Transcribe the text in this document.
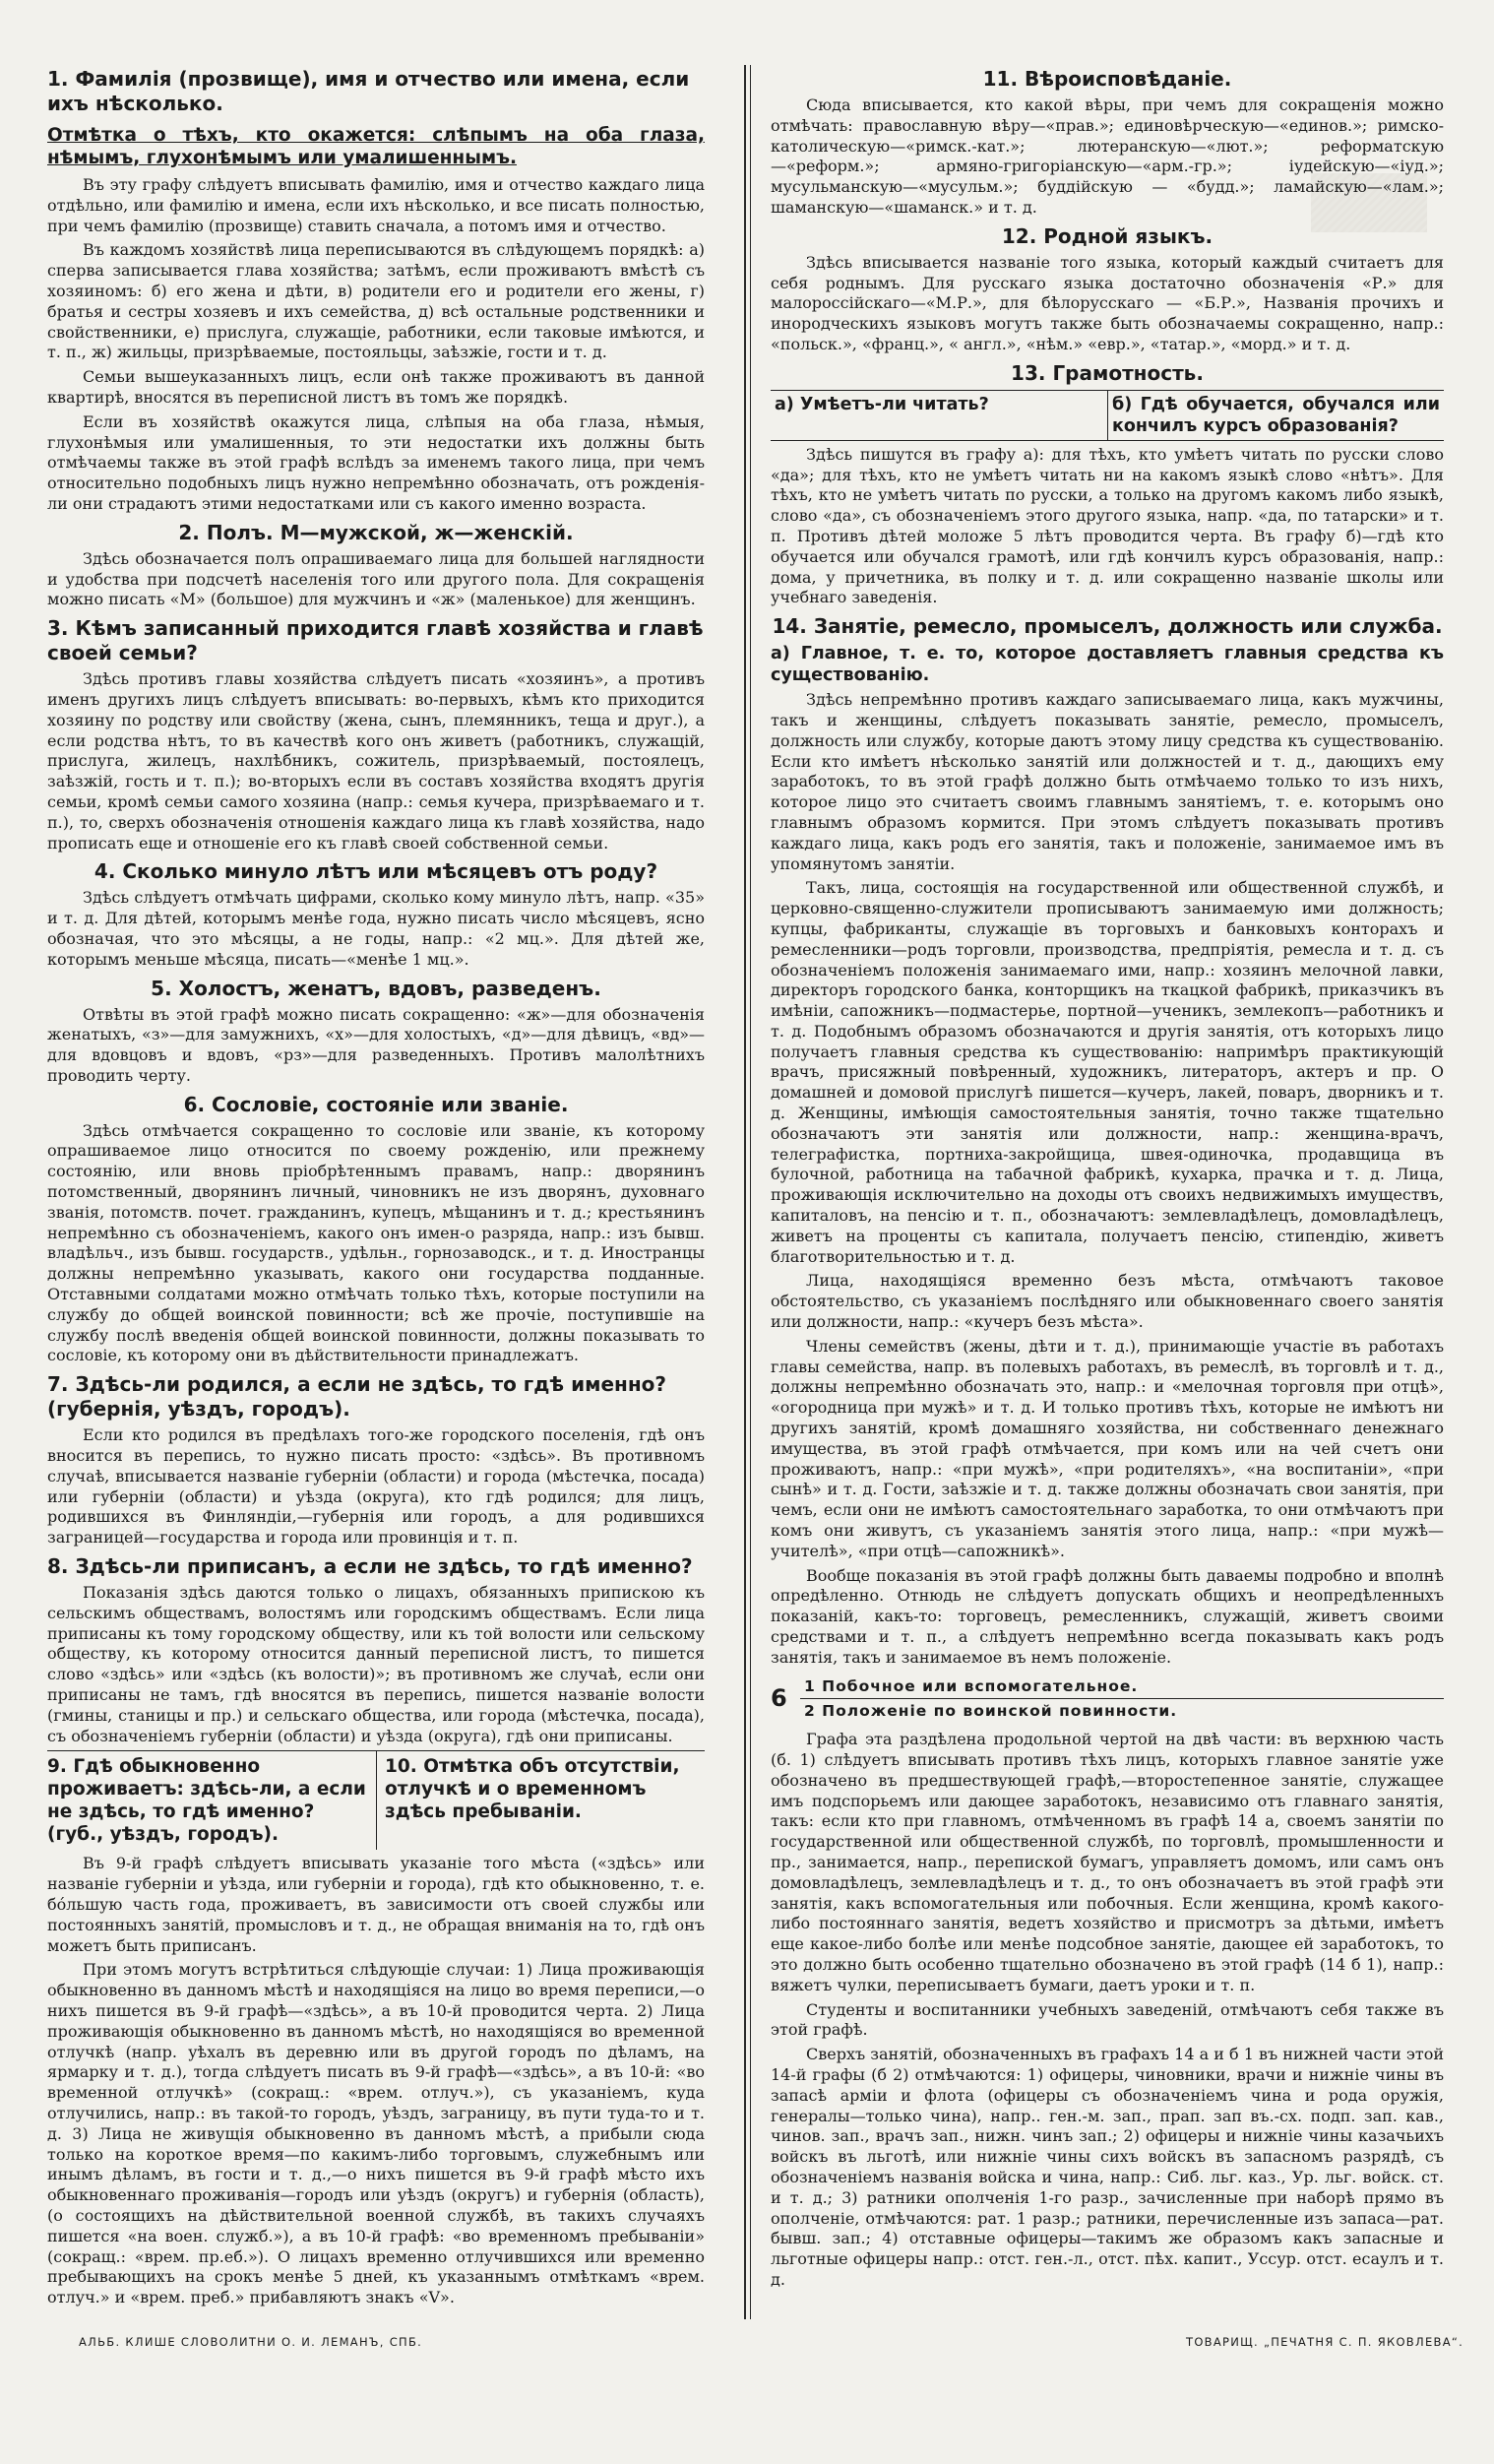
1. Фамилія (прозвище), имя и отчество или имена, если ихъ нѣсколько.
Отмѣтка о тѣхъ, кто окажется: слѣпымъ на оба глаза, нѣмымъ, глухонѣмымъ или умалишеннымъ.

Въ эту графу слѣдуетъ вписывать фамилію, имя и отчество каждаго лица отдѣльно, или фамилію и имена, если ихъ нѣсколько, и все писать полностью, при чемъ фамилію (прозвище) ставить сначала, а потомъ имя и отчество.

Въ каждомъ хозяйствѣ лица переписываются въ слѣдующемъ порядкѣ: а) сперва записывается глава хозяйства; затѣмъ, если проживаютъ вмѣстѣ съ хозяиномъ: б) его жена и дѣти, в) родители его и родители его жены, г) братья и сестры хозяевъ и ихъ семейства, д) всѣ остальные родственники и свойственники, е) прислуга, служащіе, работники, если таковые имѣются, и т. п., ж) жильцы, призрѣваемые, постояльцы, заѣзжіе, гости и т. д.

Семьи вышеуказанныхъ лицъ, если онѣ также проживаютъ въ данной квартирѣ, вносятся въ переписной листъ въ томъ же порядкѣ.

Если въ хозяйствѣ окажутся лица, слѣпыя на оба глаза, нѣмыя, глухонѣмыя или умалишенныя, то эти недостатки ихъ должны быть отмѣчаемы также въ этой графѣ вслѣдъ за именемъ такого лица, при чемъ относительно подобныхъ лицъ нужно непремѣнно обозначать, отъ рожденія-ли они страдаютъ этими недостатками или съ какого именно возраста.

2. Полъ. М—мужской, ж—женскій.

Здѣсь обозначается полъ опрашиваемаго лица для большей наглядности и удобства при подсчетѣ населенія того или другого пола. Для сокращенія можно писать «М» (большое) для мужчинъ и «ж» (маленькое) для женщинъ.

3. Кѣмъ записанный приходится главѣ хозяйства и главѣ своей семьи?

Здѣсь противъ главы хозяйства слѣдуетъ писать «хозяинъ», а противъ именъ другихъ лицъ слѣдуетъ вписывать: во-первыхъ, кѣмъ кто приходится хозяину по родству или свойству (жена, сынъ, племянникъ, теща и друг.), а если родства нѣтъ, то въ качествѣ кого онъ живетъ (работникъ, служащій, прислуга, жилецъ, нахлѣбникъ, сожитель, призрѣваемый, постоялецъ, заѣзжій, гость и т. п.); во-вторыхъ если въ составъ хозяйства входятъ другія семьи, кромѣ семьи самого хозяина (напр.: семья кучера, призрѣваемаго и т. п.), то, сверхъ обозначенія отношенія каждаго лица къ главѣ хозяйства, надо прописать еще и отношеніе его къ главѣ своей собственной семьи.

4. Сколько минуло лѣтъ или мѣсяцевъ отъ роду?

Здѣсь слѣдуетъ отмѣчать цифрами, сколько кому минуло лѣтъ, напр. «35» и т. д. Для дѣтей, которымъ менѣе года, нужно писать число мѣсяцевъ, ясно обозначая, что это мѣсяцы, а не годы, напр.: «2 мц.». Для дѣтей же, которымъ меньше мѣсяца, писать—«менѣе 1 мц.».

5. Холостъ, женатъ, вдовъ, разведенъ.

Отвѣты въ этой графѣ можно писать сокращенно: «ж»—для обозначенія женатыхъ, «з»—для замужнихъ, «х»—для холостыхъ, «д»—для дѣвицъ, «вд»—для вдовцовъ и вдовъ, «рз»—для разведенныхъ. Противъ малолѣтнихъ проводить черту.

6. Сословіе, состояніе или званіе.

Здѣсь отмѣчается сокращенно то сословіе или званіе, къ которому опрашиваемое лицо относится по своему рожденію, или прежнему состоянію, или вновь пріобрѣтеннымъ правамъ, напр.: дворянинъ потомственный, дворянинъ личный, чиновникъ не изъ дворянъ, духовнаго званія, потомств. почет. гражданинъ, купецъ, мѣщанинъ и т. д.; крестьянинъ непремѣнно съ обозначеніемъ, какого онъ имен-о разряда, напр.: изъ бывш. владѣльч., изъ бывш. государств., удѣльн., горнозаводск., и т. д. Иностранцы должны непремѣнно указывать, какого они государства подданные. Отставными солдатами можно отмѣчать только тѣхъ, которые поступили на службу до общей воинской повинности; всѣ же прочіе, поступившіе на службу послѣ введенія общей воинской повинности, должны показывать то сословіе, къ которому они въ дѣйствительности принадлежатъ.

7. Здѣсь-ли родился, а если не здѣсь, то гдѣ именно? (губернія, уѣздъ, городъ).

Если кто родился въ предѣлахъ того-же городского поселенія, гдѣ онъ вносится въ перепись, то нужно писать просто: «здѣсь». Въ противномъ случаѣ, вписывается названіе губерніи (области) и города (мѣстечка, посада) или губерніи (области) и уѣзда (округа), кто гдѣ родился; для лицъ, родившихся въ Финляндіи,—губернія или городъ, а для родившихся заграницей—государства и города или провинція и т. п.

8. Здѣсь-ли приписанъ, а если не здѣсь, то гдѣ именно?

Показанія здѣсь даются только о лицахъ, обязанныхъ припискою къ сельскимъ обществамъ, волостямъ или городскимъ обществамъ. Если лица приписаны къ тому городскому обществу, или къ той волости или сельскому обществу, къ которому относится данный переписной листъ, то пишется слово «здѣсь» или «здѣсь (къ волости)»; въ противномъ же случаѣ, если они приписаны не тамъ, гдѣ вносятся въ перепись, пишется названіе волости (гмины, станицы и пр.) и сельскаго общества, или города (мѣстечка, посада), съ обозначеніемъ губерніи (области) и уѣзда (округа), гдѣ они приписаны.

9. Гдѣ обыкновенно проживаетъ: здѣсь-ли, а если не здѣсь, то гдѣ именно? (губ., уѣздъ, городъ).
10. Отмѣтка объ отсутствіи, отлучкѣ и о временномъ здѣсь пребываніи.

Въ 9-й графѣ слѣдуетъ вписывать указаніе того мѣста («здѣсь» или названіе губерніи и уѣзда, или губерніи и города), гдѣ кто обыкновенно, т. е. бóльшую часть года, проживаетъ, въ зависимости отъ своей службы или постоянныхъ занятій, промысловъ и т. д., не обращая вниманія на то, гдѣ онъ можетъ быть приписанъ.

При этомъ могутъ встрѣтиться слѣдующіе случаи: 1) Лица проживающія обыкновенно въ данномъ мѣстѣ и находящіяся на лицо во время переписи,—о нихъ пишется въ 9-й графѣ—«здѣсь», а въ 10-й проводится черта. 2) Лица проживающія обыкновенно въ данномъ мѣстѣ, но находящіяся во временной отлучкѣ (напр. уѣхалъ въ деревню или въ другой городъ по дѣламъ, на ярмарку и т. д.), тогда слѣдуетъ писать въ 9-й графѣ—«здѣсь», а въ 10-й: «во временной отлучкѣ» (сокращ.: «врем. отлуч.»), съ указаніемъ, куда отлучились, напр.: въ такой-то городъ, уѣздъ, заграницу, въ пути туда-то и т. д. 3) Лица не живущія обыкновенно въ данномъ мѣстѣ, а прибыли сюда только на короткое время—по какимъ-либо торговымъ, служебнымъ или инымъ дѣламъ, въ гости и т. д.,—о нихъ пишется въ 9-й графѣ мѣсто ихъ обыкновеннаго проживанія—городъ или уѣздъ (округъ) и губернія (область), (о состоящихъ на дѣйствительной военной службѣ, въ такихъ случаяхъ пишется «на воен. служб.»), а въ 10-й графѣ: «во временномъ пребываніи» (сокращ.: «врем. пр.еб.»). О лицахъ временно отлучившихся или временно пребывающихъ на срокъ менѣе 5 дней, къ указаннымъ отмѣткамъ «врем. отлуч.» и «врем. преб.» прибавляютъ знакъ «V».

11. Вѣроисповѣданіе.

Сюда вписывается, кто какой вѣры, при чемъ для сокращенія можно отмѣчать: православную вѣру—«прав.»; единовѣрческую—«единов.»; римско-католическую—«римск.-кат.»; лютеранскую—«лют.»; реформатскую—«реформ.»; армяно-григоріанскую—«арм.-гр.»; іудейскую—«іуд.»; мусульманскую—«мусульм.»; буддійскую — «будд.»; ламайскую—«лам.»; шаманскую—«шаманск.» и т. д.

12. Родной языкъ.

Здѣсь вписывается названіе того языка, который каждый считаетъ для себя роднымъ. Для русскаго языка достаточно обозначенія «Р.» для малороссійскаго—«М.Р.», для бѣлорусскаго — «Б.Р.», Названія прочихъ и инородческихъ языковъ могутъ также быть обозначаемы сокращенно, напр.: «польск.», «франц.», « англ.», «нѣм.» «евр.», «татар.», «морд.» и т. д.

13. Грамотность.
а) Умѣетъ-ли читать?	б) Гдѣ обучается, обучался или кончилъ курсъ образованія?

Здѣсь пишутся въ графу а): для тѣхъ, кто умѣетъ читать по русски слово «да»; для тѣхъ, кто не умѣетъ читать ни на какомъ языкѣ слово «нѣтъ». Для тѣхъ, кто не умѣетъ читать по русски, а только на другомъ какомъ либо языкѣ, слово «да», съ обозначеніемъ этого другого языка, напр. «да, по татарски» и т. п. Противъ дѣтей моложе 5 лѣтъ проводится черта. Въ графу б)—гдѣ кто обучается или обучался грамотѣ, или гдѣ кончилъ курсъ образованія, напр.: дома, у причетника, въ полку и т. д. или сокращенно названіе школы или учебнаго заведенія.

14. Занятіе, ремесло, промыселъ, должность или служба.
а) Главное, т. е. то, которое доставляетъ главныя средства къ существованію.

Здѣсь непремѣнно противъ каждаго записываемаго лица, какъ мужчины, такъ и женщины, слѣдуетъ показывать занятіе, ремесло, промыселъ, должность или службу, которые даютъ этому лицу средства къ существованію. Если кто имѣетъ нѣсколько занятій или должностей и т. д., дающихъ ему заработокъ, то въ этой графѣ должно быть отмѣчаемо только то изъ нихъ, которое лицо это считаетъ своимъ главнымъ занятіемъ, т. е. которымъ оно главнымъ образомъ кормится. При этомъ слѣдуетъ показывать противъ каждаго лица, какъ родъ его занятія, такъ и положеніе, занимаемое имъ въ упомянутомъ занятіи.

Такъ, лица, состоящія на государственной или общественной службѣ, и церковно-священно-служители прописываютъ занимаемую ими должность; купцы, фабриканты, служащіе въ торговыхъ и банковыхъ конторахъ и ремесленники—родъ торговли, производства, предпріятія, ремесла и т. д. съ обозначеніемъ положенія занимаемаго ими, напр.: хозяинъ мелочной лавки, директоръ городского банка, конторщикъ на ткацкой фабрикѣ, приказчикъ въ имѣніи, сапожникъ—подмастерье, портной—ученикъ, землекопъ—работникъ и т. д. Подобнымъ образомъ обозначаются и другія занятія, отъ которыхъ лицо получаетъ главныя средства къ существованію: напримѣръ практикующій врачъ, присяжный повѣренный, художникъ, литераторъ, актеръ и пр. О домашней и домовой прислугѣ пишется—кучеръ, лакей, поваръ, дворникъ и т. д. Женщины, имѣющія самостоятельныя занятія, точно также тщательно обозначаютъ эти занятія или должности, напр.: женщина-врачъ, телеграфистка, портниха-закройщица, швея-одиночка, продавщица въ булочной, работница на табачной фабрикѣ, кухарка, прачка и т. д. Лица, проживающія исключительно на доходы отъ своихъ недвижимыхъ имуществъ, капиталовъ, на пенсію и т. п., обозначаютъ: землевладѣлецъ, домовладѣлецъ, живетъ на проценты съ капитала, получаетъ пенсію, стипендію, живетъ благотворительностью и т. д.

Лица, находящіяся временно безъ мѣста, отмѣчаютъ таковое обстоятельство, съ указаніемъ послѣдняго или обыкновеннаго своего занятія или должности, напр.: «кучеръ безъ мѣста».

Члены семействъ (жены, дѣти и т. д.), принимающіе участіе въ работахъ главы семейства, напр. въ полевыхъ работахъ, въ ремеслѣ, въ торговлѣ и т. д., должны непремѣнно обозначать это, напр.: и «мелочная торговля при отцѣ», «огородница при мужѣ» и т. д. И только противъ тѣхъ, которые не имѣютъ ни другихъ занятій, кромѣ домашняго хозяйства, ни собственнаго денежнаго имущества, въ этой графѣ отмѣчается, при комъ или на чей счетъ они проживаютъ, напр.: «при мужѣ», «при родителяхъ», «на воспитаніи», «при сынѣ» и т. д. Гости, заѣзжіе и т. д. также должны обозначать свои занятія, при чемъ, если они не имѣютъ самостоятельнаго заработка, то они отмѣчаютъ при комъ они живутъ, съ указаніемъ занятія этого лица, напр.: «при мужѣ—учителѣ», «при отцѣ—сапожникѣ».

Вообще показанія въ этой графѣ должны быть даваемы подробно и вполнѣ опредѣленно. Отнюдь не слѣдуетъ допускать общихъ и неопредѣленныхъ показаній, какъ-то: торговецъ, ремесленникъ, служащій, живетъ своими средствами и т. п., а слѣдуетъ непремѣнно всегда показывать какъ родъ занятія, такъ и занимаемое въ немъ положеніе.

6	1 Побочное или вспомогательное.
2 Положеніе по воинской повинности.

Графа эта раздѣлена продольной чертой на двѣ части: въ верхнюю часть (б. 1) слѣдуетъ вписывать противъ тѣхъ лицъ, которыхъ главное занятіе уже обозначено въ предшествующей графѣ,—второстепенное занятіе, служащее имъ подспорьемъ или дающее заработокъ, независимо отъ главнаго занятія, такъ: если кто при главномъ, отмѣченномъ въ графѣ 14 а, своемъ занятіи по государственной или общественной службѣ, по торговлѣ, промышленности и пр., занимается, напр., перепиской бумагъ, управляетъ домомъ, или самъ онъ домовладѣлецъ, землевладѣлецъ и т. д., то онъ обозначаетъ въ этой графѣ эти занятія, какъ вспомогательныя или побочныя. Если женщина, кромѣ какого-либо постояннаго занятія, ведетъ хозяйство и присмотръ за дѣтьми, имѣетъ еще какое-либо болѣе или менѣе подсобное занятіе, дающее ей заработокъ, то это должно быть особенно тщательно обозначено въ этой графѣ (14 б 1), напр.: вяжетъ чулки, переписываетъ бумаги, даетъ уроки и т. п.

Студенты и воспитанники учебныхъ заведеній, отмѣчаютъ себя также въ этой графѣ.

Сверхъ занятій, обозначенныхъ въ графахъ 14 а и б 1 въ нижней части этой 14-й графы (б 2) отмѣчаются: 1) офицеры, чиновники, врачи и нижніе чины въ запасѣ арміи и флота (офицеры съ обозначеніемъ чина и рода оружія, генералы—только чина), напр.. ген.-м. зап., прап. зап въ.-сх. подп. зап. кав., чинов. зап., врачъ зап., нижн. чинъ зап.; 2) офицеры и нижніе чины казачьихъ войскъ въ льготѣ, или нижніе чины сихъ войскъ въ запасномъ разрядѣ, съ обозначеніемъ названія войска и чина, напр.: Сиб. льг. каз., Ур. льг. войск. ст. и т. д.; 3) ратники ополченія 1-го разр., зачисленные при наборѣ прямо въ ополченіе, отмѣчаются: рат. 1 разр.; ратники, перечисленные изъ запаса—рат. бывш. зап.; 4) отставные офицеры—такимъ же образомъ какъ запасные и льготные офицеры напр.: отст. ген.-л., отст. пѣх. капит., Уссур. отст. есаулъ и т. д.

АЛЬБ. КЛИШЕ СЛОВОЛИТНИ О. И. ЛЕМАНЪ, СПБ.	ТОВАРИЩ. „ПЕЧАТНЯ С. П. ЯКОВЛЕВА“.
